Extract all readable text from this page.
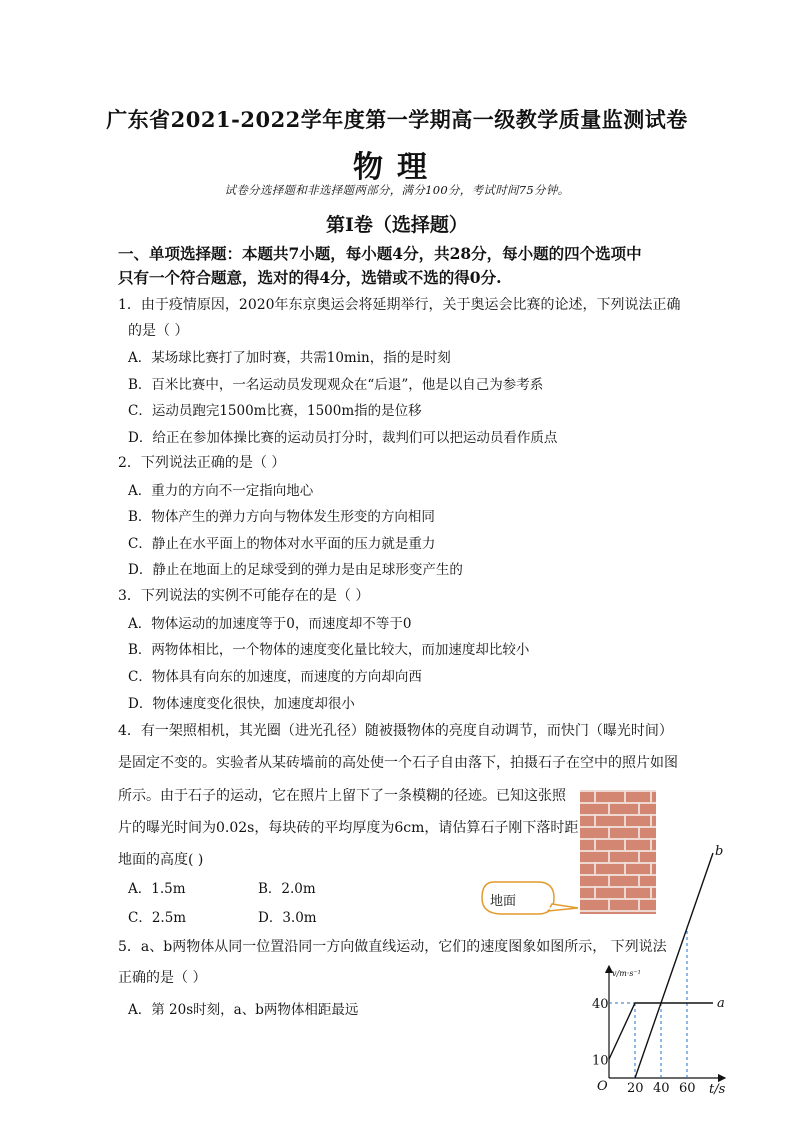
广东省2021-2022学年度第一学期高一级教学质量监测试卷
物理
试卷分选择题和非选择题两部分，满分100分，考试时间75分钟。
第Ⅰ卷（选择题）
一、单项选择题：本题共7小题，每小题4分，共28分，每小题的四个选项中
只有一个符合题意，选对的得4分，选错或不选的得0分.
1．由于疫情原因，2020年东京奥运会将延期举行，关于奥运会比赛的论述，下列说法正确
的是（ ）
A．某场球比赛打了加时赛，共需10min，指的是时刻
B．百米比赛中，一名运动员发现观众在“后退”，他是以自己为参考系
C．运动员跑完1500m比赛，1500m指的是位移
D．给正在参加体操比赛的运动员打分时，裁判们可以把运动员看作质点
2．下列说法正确的是（ ）
A．重力的方向不一定指向地心
B．物体产生的弹力方向与物体发生形变的方向相同
C．静止在水平面上的物体对水平面的压力就是重力
D．静止在地面上的足球受到的弹力是由足球形变产生的
3．下列说法的实例不可能存在的是（ ）
A．物体运动的加速度等于0，而速度却不等于0
B．两物体相比，一个物体的速度变化量比较大，而加速度却比较小
C．物体具有向东的加速度，而速度的方向却向西
D．物体速度变化很快，加速度却很小
4．有一架照相机，其光圈（进光孔径）随被摄物体的亮度自动调节，而快门（曝光时间）
是固定不变的。实验者从某砖墙前的高处使一个石子自由落下，拍摄石子在空中的照片如图
所示。由于石子的运动，它在照片上留下了一条模糊的径迹。已知这张照
片的曝光时间为0.02s，每块砖的平均厚度为6cm，请估算石子刚下落时距
地面的高度( )
A．1.5m	B．2.0m
C．2.5m	D．3.0m
地面
5．a、b两物体从同一位置沿同一方向做直线运动，它们的速度图象如图所示， 下列说法
正确的是（ ）
A．第 20s时刻，a、b两物体相距最远
v/m·s⁻¹
t/s
O
10
40
20 40 60
a
b
